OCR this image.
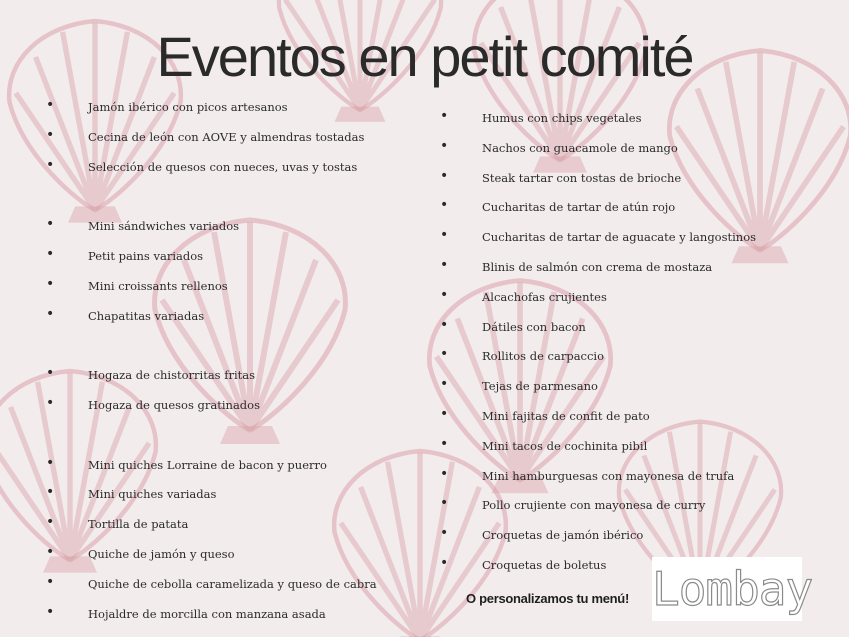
Eventos en petit comité
•	Jamón ibérico con picos artesanos
•	Cecina de león con AOVE y almendras tostadas
•	Selección de quesos con nueces, uvas y tostas
•	Mini sándwiches variados
•	Petit pains variados
•	Mini croissants rellenos
•	Chapatitas variadas
•	Hogaza de chistorritas fritas
•	Hogaza de quesos gratinados
•	Mini quiches Lorraine de bacon y puerro
•	Mini quiches variadas
•	Tortilla de patata
•	Quiche de jamón y queso
•	Quiche de cebolla caramelizada y queso de cabra
•	Hojaldre de morcilla con manzana asada
•	Humus con chips vegetales
•	Nachos con guacamole de mango
•	Steak tartar con tostas de brioche
•	Cucharitas de tartar de atún rojo
•	Cucharitas de tartar de aguacate y langostinos
•	Blinis de salmón con crema de mostaza
•	Alcachofas crujientes
•	Dátiles con bacon
•	Rollitos de carpaccio
•	Tejas de parmesano
•	Mini fajitas de confit de pato
•	Mini tacos de cochinita pibil
•	Mini hamburguesas con mayonesa de trufa
•	Pollo crujiente con mayonesa de curry
•	Croquetas de jamón ibérico
•	Croquetas de boletus
O personalizamos tu menú! Lombay
